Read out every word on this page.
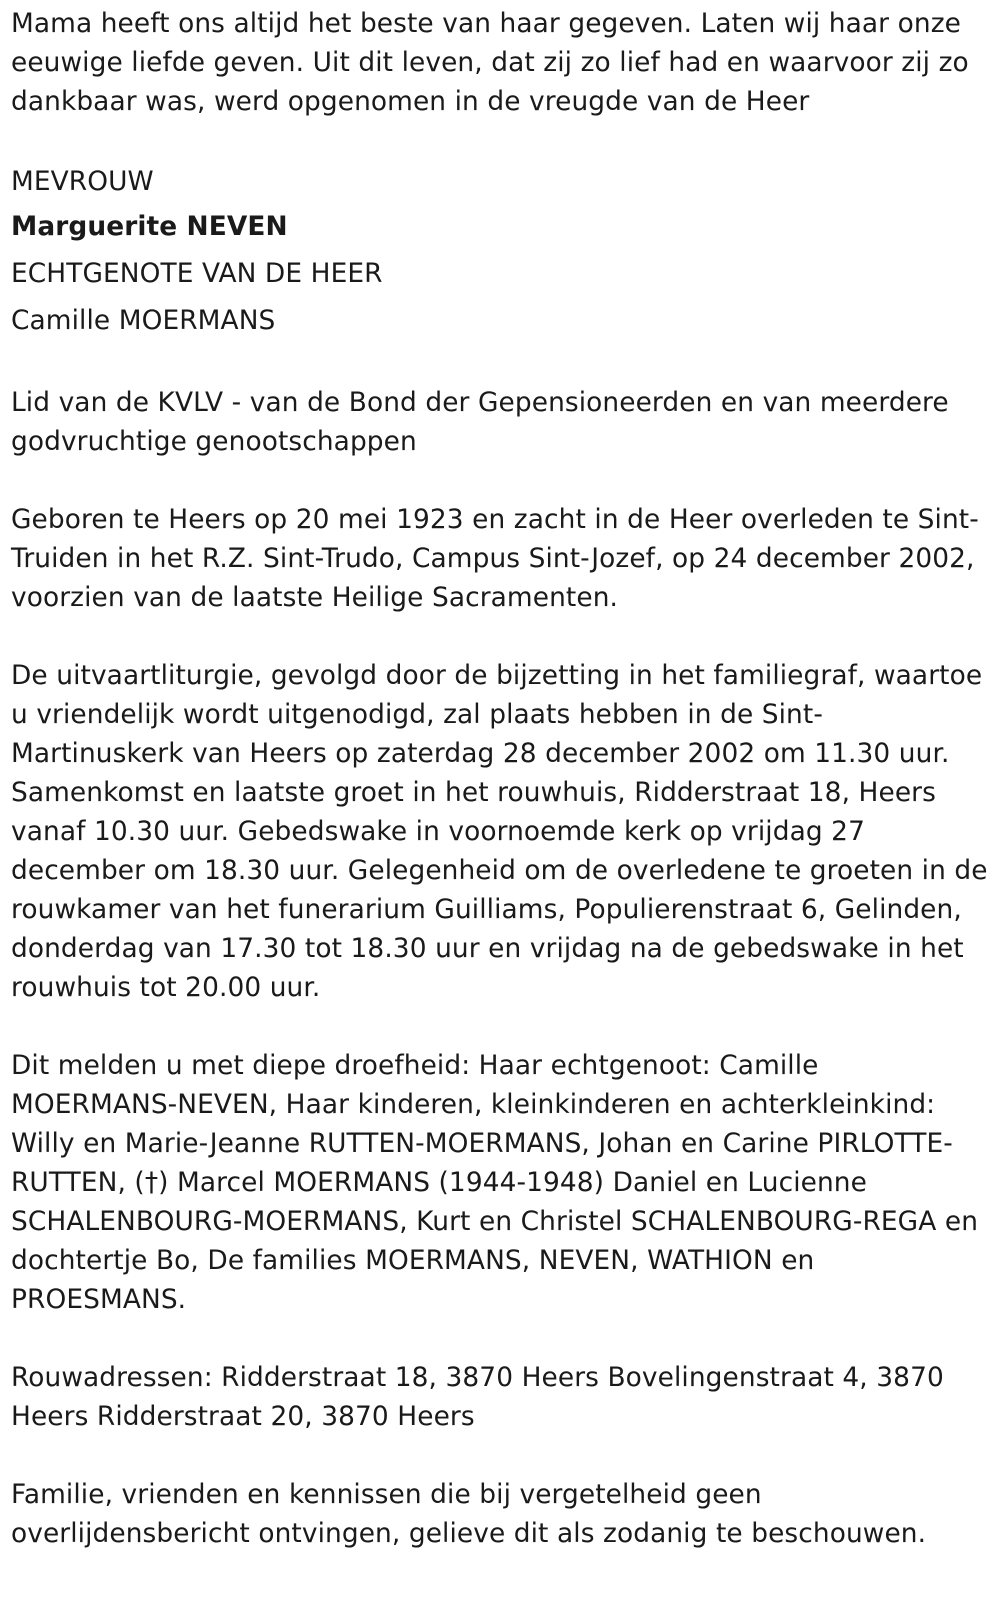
Mama heeft ons altijd het beste van haar gegeven. Laten wij haar onze eeuwige liefde geven. Uit dit leven, dat zij zo lief had en waarvoor zij zo dankbaar was, werd opgenomen in de vreugde van de Heer

MEVROUW

Marguerite NEVEN

ECHTGENOTE VAN DE HEER

Camille MOERMANS

Lid van de KVLV - van de Bond der Gepensioneerden en van meerdere godvruchtige genootschappen

Geboren te Heers op 20 mei 1923 en zacht in de Heer overleden te Sint-Truiden in het R.Z. Sint-Trudo, Campus Sint-Jozef, op 24 december 2002, voorzien van de laatste Heilige Sacramenten.

De uitvaartliturgie, gevolgd door de bijzetting in het familiegraf, waartoe u vriendelijk wordt uitgenodigd, zal plaats hebben in de Sint-Martinuskerk van Heers op zaterdag 28 december 2002 om 11.30 uur. Samenkomst en laatste groet in het rouwhuis, Ridderstraat 18, Heers vanaf 10.30 uur. Gebedswake in voornoemde kerk op vrijdag 27 december om 18.30 uur. Gelegenheid om de overledene te groeten in de rouwkamer van het funerarium Guilliams, Populierenstraat 6, Gelinden, donderdag van 17.30 tot 18.30 uur en vrijdag na de gebedswake in het rouwhuis tot 20.00 uur.

Dit melden u met diepe droefheid: Haar echtgenoot: Camille MOERMANS-NEVEN, Haar kinderen, kleinkinderen en achterkleinkind: Willy en Marie-Jeanne RUTTEN-MOERMANS, Johan en Carine PIRLOTTE-RUTTEN, (†) Marcel MOERMANS (1944-1948) Daniel en Lucienne SCHALENBOURG-MOERMANS, Kurt en Christel SCHALENBOURG-REGA en dochtertje Bo, De families MOERMANS, NEVEN, WATHION en PROESMANS.

Rouwadressen: Ridderstraat 18, 3870 Heers Bovelingenstraat 4, 3870 Heers Ridderstraat 20, 3870 Heers

Familie, vrienden en kennissen die bij vergetelheid geen overlijdensbericht ontvingen, gelieve dit als zodanig te beschouwen.
